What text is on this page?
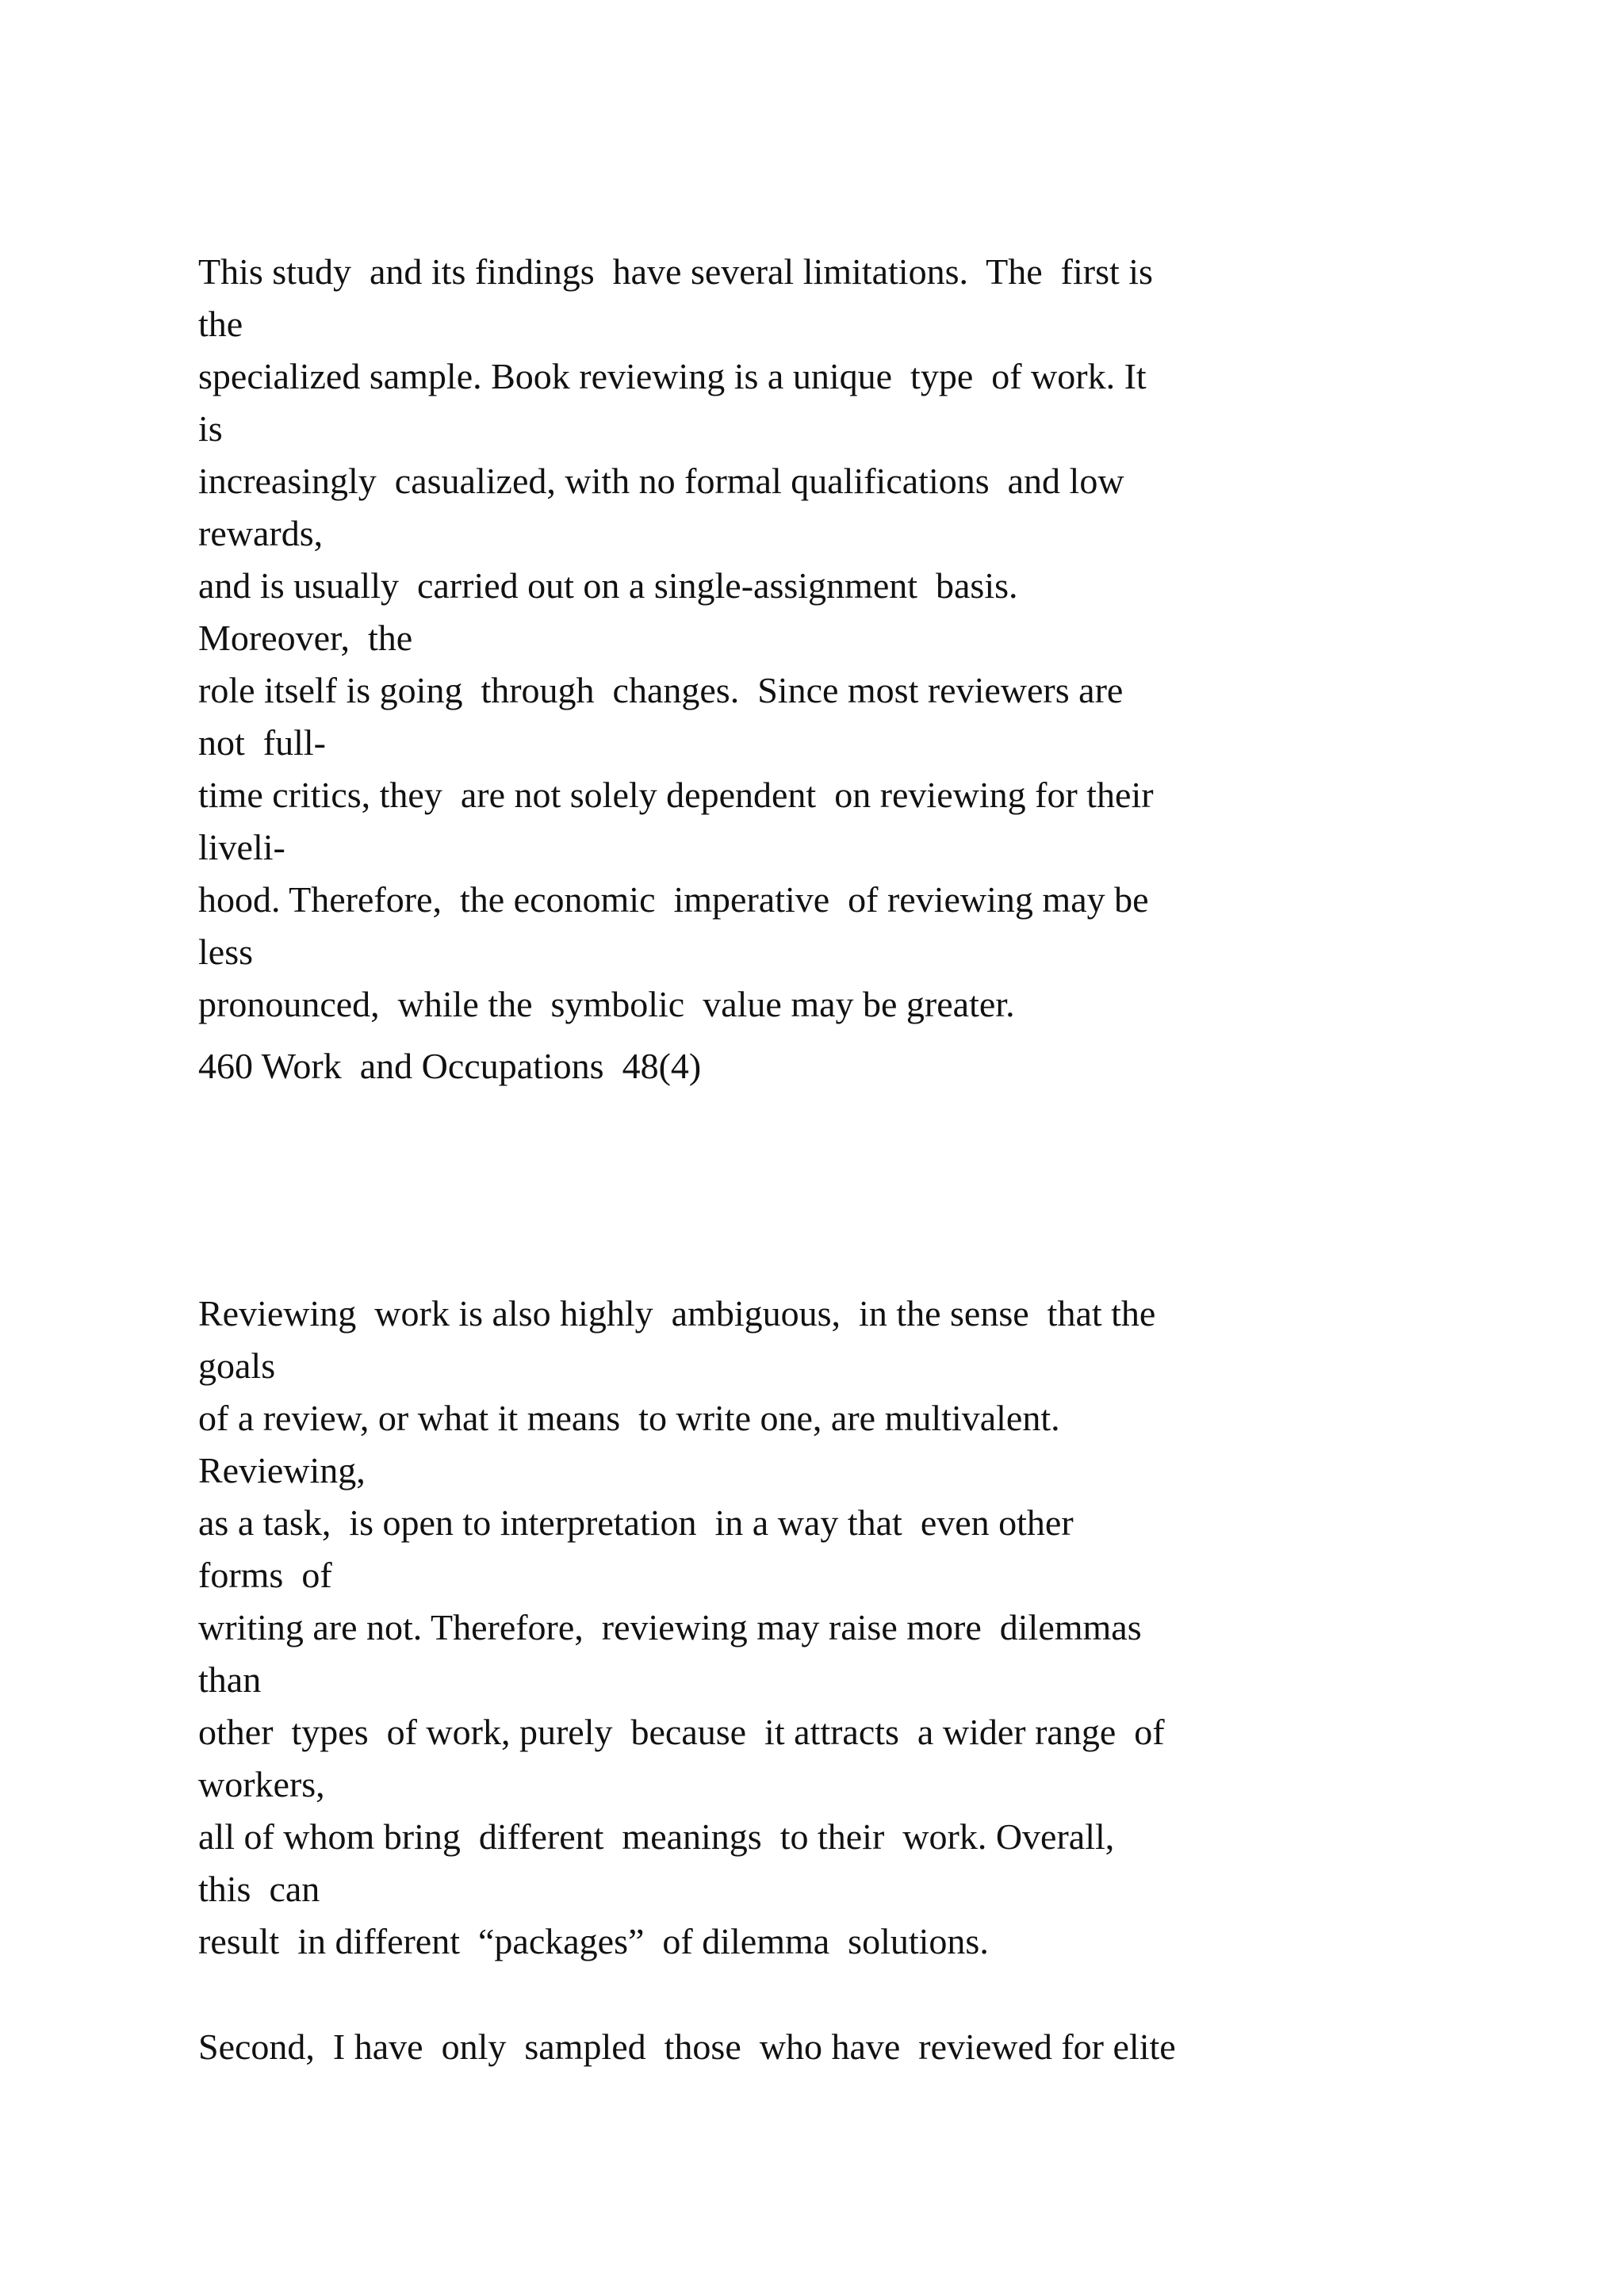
This study  and its findings  have several limitations.  The  first is
the
specialized sample. Book reviewing is a unique  type  of work. It
is
increasingly  casualized, with no formal qualifications  and low
rewards,
and is usually  carried out on a single-assignment  basis.
Moreover,  the
role itself is going  through  changes.  Since most reviewers are
not  full-
time critics, they  are not solely dependent  on reviewing for their
liveli-
hood. Therefore,  the economic  imperative  of reviewing may be
less
pronounced,  while the  symbolic  value may be greater.
460 Work  and Occupations  48(4)
Reviewing  work is also highly  ambiguous,  in the sense  that the
goals
of a review, or what it means  to write one, are multivalent.
Reviewing,
as a task,  is open to interpretation  in a way that  even other
forms  of
writing are not. Therefore,  reviewing may raise more  dilemmas
than
other  types  of work, purely  because  it attracts  a wider range  of
workers,
all of whom bring  different  meanings  to their  work. Overall,
this  can
result  in different  “packages”  of dilemma  solutions.
Second,  I have  only  sampled  those  who have  reviewed for elite
